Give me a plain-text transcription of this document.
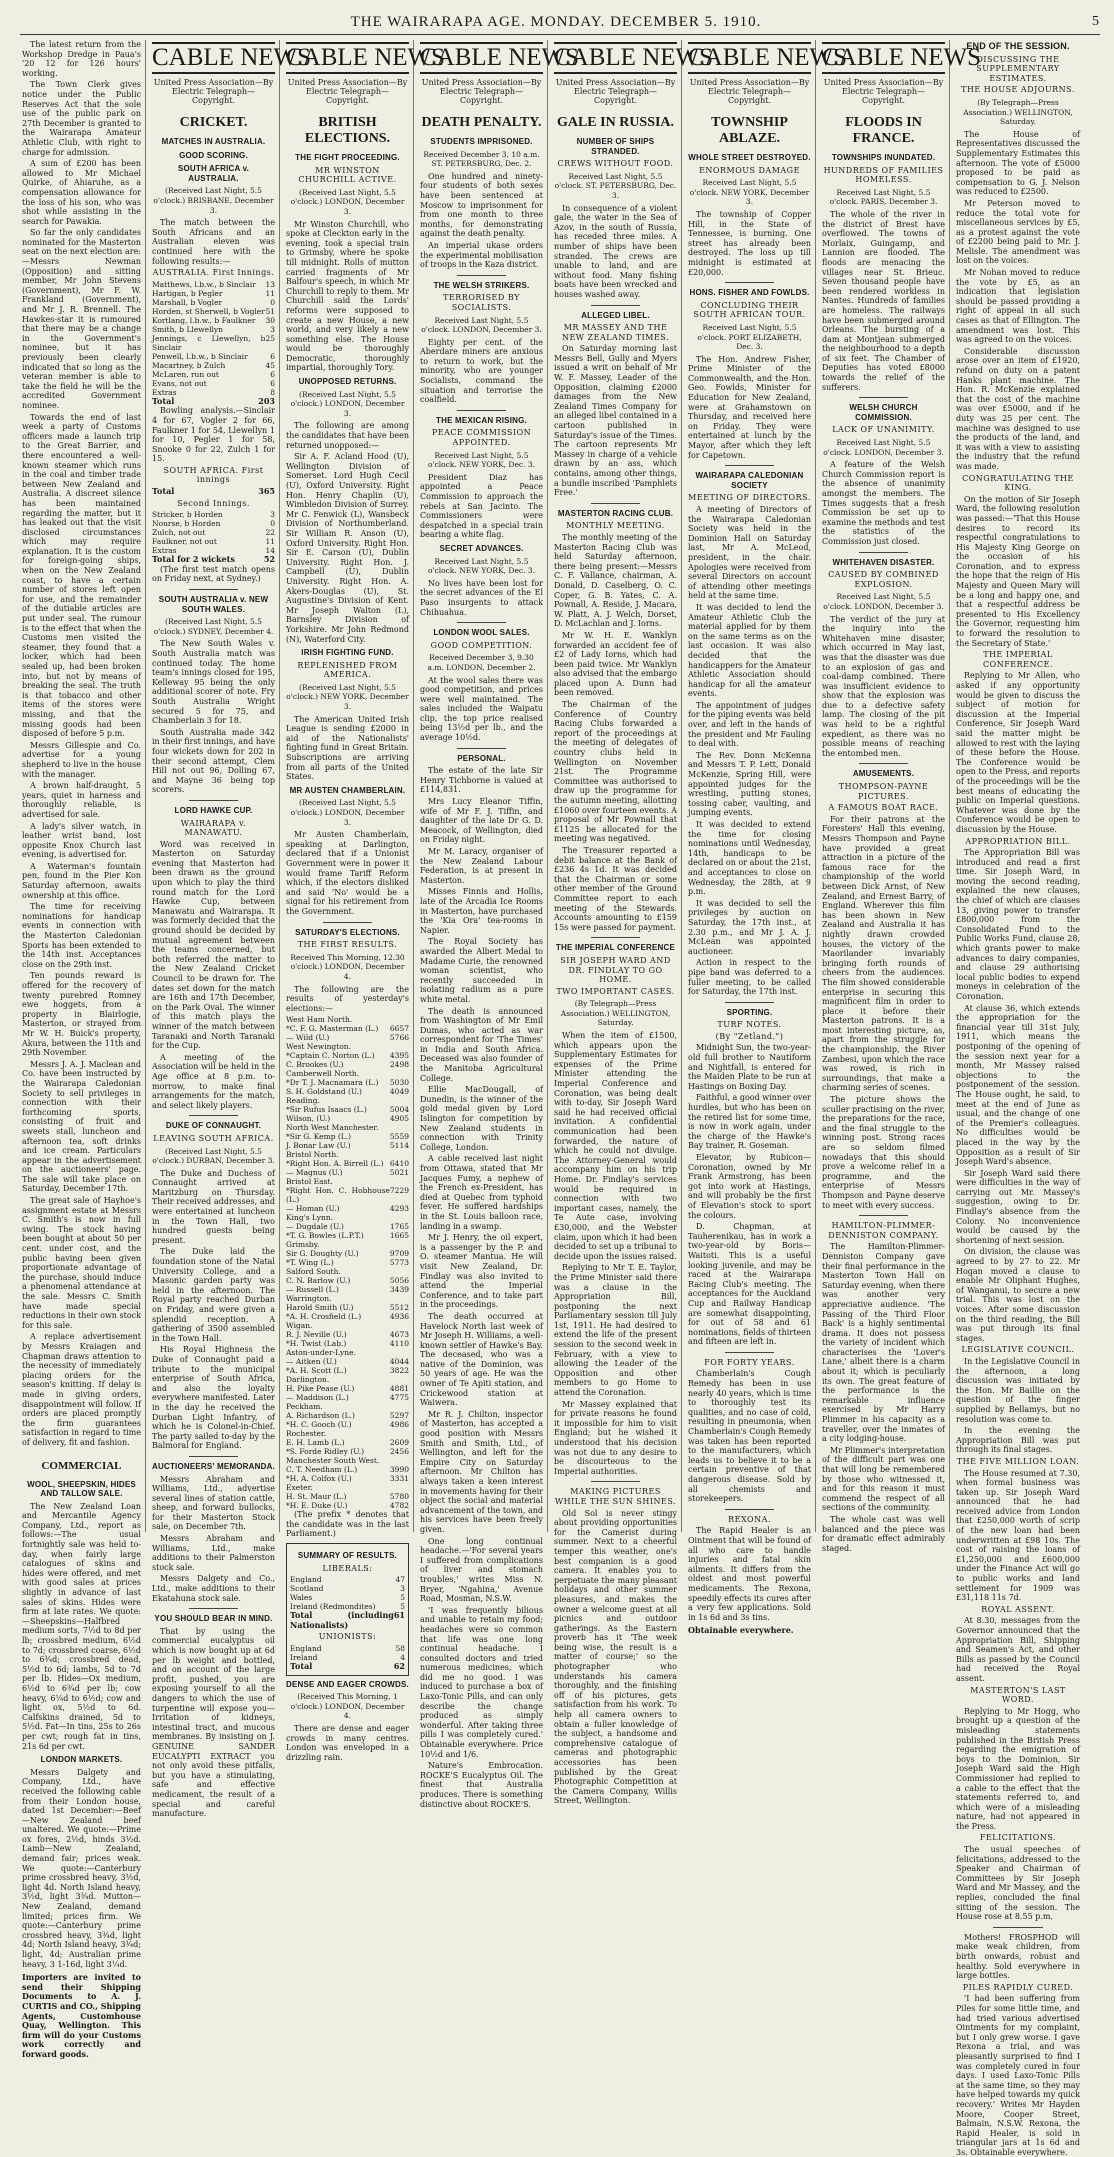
THE WAIRARAPA AGE. MONDAY. DECEMBER 5. 1910.	5

The latest return from the Workshop Dredge in Paua's '20 12 for 126 hours' working.

The Town Clerk gives notice under the Public Reserves Act that the sole use of the public park on 27th December is granted to the Wairarapa Amateur Athletic Club, with right to charge for admission.

A sum of £200 has been allowed to Mr Michael Quirke, of Ahiaruhe, as a compensation allowance for the loss of his son, who was shot while assisting in the search for Pawakia.

So far the only candidates nominated for the Masterton seat on the next election are:—Messrs Newman (Opposition) and sitting member, Mr John Stevens (Government), Mr F. W. Frankland (Government), and Mr J. R. Brennell. The Hawkes-star it is rumoured that there may be a change in the Government's nominee, but it has previously been clearly indicated that so long as the veteran member is able to take the field he will be the accredited Government nominee.

Towards the end of last week a party of Customs officers made a launch trip to the Great Barrier, and there encountered a well-known steamer which runs in the coal and timber trade between New Zealand and Australia. A discreet silence has been maintained regarding the matter, but it has leaked out that the visit disclosed circumstances which may require explanation. It is the custom for foreign-going ships, when on the New Zealand coast, to have a certain number of stores left open for use, and the remainder of the dutiable articles are put under seal. The rumour is to the effect that when the Customs men visited the steamer, they found that a locker, which had been sealed up, had been broken into, but not by means of breaking the seal. The truth is that tobacco and other items of the stores were missing, and that the missing goods had been disposed of before 5 p.m.

Messrs Gillespie and Co. advertise for a young shepherd to live in the house with the manager.

A brown half-draught, 5 years, quiet in harness and thoroughly reliable, is advertised for sale.

A lady's silver watch, in leather wrist band, lost opposite Knox Church last evening, is advertised for.

A Waterman's fountain pen, found in the Pier Kon Saturday afternoon, awaits ownership at this office.

The time for receiving nominations for handicap events in connection with the Masterton Caledonian Sports has been extended to the 14th inst. Acceptances close on the 29th inst.

Ten pounds reward is offered for the recovery of twenty purebred Romney ewe hoggets, from a property in Blairlogie, Masterton, or strayed from Mr W. H. Buick's property, Akura, between the 11th and 29th November.

Messrs J. A. J. Maclean and Co. have been instructed by the Wairarapa Caledonian Society to sell privileges in connection with their forthcoming sports, consisting of fruit and sweets stall, luncheon and afternoon tea, soft drinks and ice cream. Particulars appear in the advertisement on the auctioneers' page. The sale will take place on Saturday, December 17th.

The great sale of Hayhoe's assignment estate at Messrs C. Smith's is now in full swing. The stock having been bought at about 50 per cent. under cost, and the public having been given proportionate advantage of the purchase, should induce a phenomenal attendance at the sale. Messrs C. Smith have made special reductions in their own stock for this sale.

A replace advertisement by Messrs Kraiagen and Chapman draws attention to the necessity of immediately placing orders for the season's knitting. If delay is made in giving orders, disappointment will follow. If orders are placed promptly the firm guarantees satisfaction in regard to time of delivery, fit and fashion.

COMMERCIAL
WOOL, SHEEPSKIN, HIDES AND TALLOW SALE.

The New Zealand Loan and Mercantile Agency Company, Ltd., report as follows:—The usual fortnightly sale was held to-day, when fairly large catalogues of skins and hides were offered, and met with good sales at prices slightly in advance of last sales of skins. Hides were firm at late rates. We quote:—Sheepskins—Halfbred medium sorts, 7½d to 8d per lb; crossbred medium, 6½d to 7d; crossbred coarse, 6½d to 6¾d; crossbred dead, 5½d to 6d; lambs, 5d to 7d per lb. Hides—Ox medium, 6½d to 6¾d per lb; cow heavy, 6¼d to 6½d; cow and light ox, 5½d to 6d. Calfskins drained, 5d to 5½d. Fat—In tins, 25s to 26s per cwt; rough fat in tins, 21s 6d per cwt.

LONDON MARKETS.

Messrs Dalgety and Company, Ltd., have received the following cable from their London house, dated 1st December:—Beef—New Zealand beef unaltered. We quote:—Prime ox fores, 2½d, hinds 3½d. Lamb—New Zealand, demand fair; prices weak. We quote:—Canterbury prime crossbred heavy, 3½d, light 4d. North Island heavy, 3½d, light 3¾d. Mutton—New Zealand, demand limited; prices firm. We quote:—Canterbury prime crossbred heavy, 3¾d, light 4d; North Island heavy, 3¾d; light, 4d; Australian prime heavy, 3 1-16d, light 3¼d.

Importers are invited to send their Shipping Documents to A. J. CURTIS and CO., Shipping Agents, Customhouse Quay, Wellington. This firm will do your Customs work correctly and forward goods.
CABLE NEWS
United Press Association—By Electric Telegraph—Copyright.
CRICKET.
MATCHES IN AUSTRALIA.
GOOD SCORING.
SOUTH AFRICA v. AUSTRALIA.
(Received Last Night, 5.5 o'clock.) BRISBANE, December 3.

The match between the South Africans and an Australian eleven was continued here with the following results:—

AUSTRALIA. First Innings.
Matthews, l.b.w., b Sinclair 13
Hartigan, b Pegler	11
Marshall, b Vogler	0
Horden, st Sherwell, b Vogler 51
Kortlang, l.b.w., b Faulkner 30
Smith, b Llewellyn	3
Jennings, c Llewellyn, b Sinclair
25
Penwell, l.b.w., b Sinclair	6
Macartney, b Zulch	45
McLaren, run out	6
Evans, not out	6
Extras	8
Total	203

Bowling analysis.—Sinclair 4 for 67, Vogler 2 for 66, Faulkner 1 for 54, Llewellyn 1 for 10, Pegler 1 for 58, Snooke 0 for 22, Zulch 1 for 15.

SOUTH AFRICA. First innings
Total	365
Second Innings.
Stricker, b Horden	3
Nourse, b Horden	0
Zulch, not out	22
Faulkner, not out	11
Extras	14
Total for 2 wickets	52

(The first test match opens on Friday next, at Sydney.)

SOUTH AUSTRALIA v. NEW SOUTH WALES.
(Received Last Night, 5.5 o'clock.) SYDNEY, December 4.

The New South Wales v. South Australia match was continued today. The home team's innings closed for 195, Kelleway 95 being the only additional scorer of note. Fry South Australia Wright secured 5 for 75, and Chamberlain 3 for 18.

South Australia made 342 in their first innings, and have four wickets down for 202 in their second attempt, Clem Hill not out 96, Dolling 67, and Mayne 36 being top scorers.

LORD HAWKE CUP.
WAIRARAPA v. MANAWATU.

Word was received in Masterton on Saturday evening that Masterton had been drawn as the ground upon which to play the third round match for the Lord Hawke Cup, between Manawatu and Wairarapa. It was formerly decided that the ground should be decided by mutual agreement between the teams concerned, but both referred the matter to the New Zealand Cricket Council to be drawn for. The dates set down for the match are 16th and 17th December, on the Park Oval. The winner of this match plays the winner of the match between Taranaki and North Taranaki for the Cup.

A meeting of the Association will be held in the Age office at 8 p.m. to-morrow, to make final arrangements for the match, and select likely players.

DUKE OF CONNAUGHT.
LEAVING SOUTH AFRICA.
(Received Last Night, 5.5 o'clock.) DURBAN, December 3.

The Duke and Duchess of Connaught arrived at Maritzburg on Thursday. Their received addresses, and were entertained at luncheon in the Town Hall, two hundred guests being present.

The Duke laid the foundation stone of the Natal University College, and a Masonic garden party was held in the afternoon. The Royal party reached Durban on Friday, and were given a splendid reception. A gathering of 3500 assembled in the Town Hall.

His Royal Highness the Duke of Connaught paid a tribute to the municipal enterprise of South Africa, and also the loyalty everywhere manifested. Later in the day he received the Durban Light Infantry, of which he is Colonel-in-Chief. The party sailed to-day by the Balmoral for England.

AUCTIONEERS' MEMORANDA.

Messrs Abraham and Williams, Ltd., advertise several lines of station cattle, sheep, and forward bullocks, for their Masterton Stock sale, on December 7th.

Messrs Abraham and Williams, Ltd., make additions to their Palmerston stock sale.

Messrs Dalgety and Co., Ltd., make additions to their Ekatahuna stock sale.

YOU SHOULD BEAR IN MIND.

That by using the commercial eucalyptus oil which is now bought up at 6d per lb weight and bottled, and on account of the large profit, pushed, you are exposing yourself to all the dangers to which the use of turpentine will expose you—Irritation of kidneys, intestinal tract, and mucous membranes. By insisting on J. GENUINE SANDER EUCALYPTI EXTRACT you not only avoid these pitfalls, but you have a stimulating, safe and effective medicament, the result of a special and careful manufacture.

CABLE NEWS
United Press Association—By Electric Telegraph—Copyright.
BRITISH ELECTIONS.
THE FIGHT PROCEEDING.
MR WINSTON CHURCHILL ACTIVE.
(Received Last Night, 5.5 o'clock.) LONDON, December 3.

Mr Winston Churchill, who spoke at Cleckton early in the evening, took a special train to Grimsby, where he spoke till midnight. Rolls of mutton carried fragments of Mr Balfour's speech, in which Mr Churchill to reply to them. Mr Churchill said the Lords' reforms were supposed to create a new House, a new world, and very likely a new something else. The House would be thoroughly Democratic, thoroughly impartial, thoroughly Tory.

UNOPPOSED RETURNS.
(Received Last Night, 5.5 o'clock.) LONDON, December 3.

The following are among the candidates that have been returned unopposed:—

Sir A. F. Acland Hood (U), Wellington Division of Somerset. Lord Hugh Cecil (U), Oxford University. Right Hon. Henry Chaplin (U), Wimbledon Division of Surrey. Mr C. Fenwick (L), Wansbeck Division of Northumberland. Sir William R. Anson (U), Oxford University. Right Hon. Sir E. Carson (U), Dublin University. Right Hon. J. Campbell (U), Dublin University. Right Hon. A. Akers-Douglas (U), St. Augustine's Division of Kent. Mr Joseph Walton (L), Barnsley Division of Yorkshire. Mr John Redmond (N), Waterford City.

IRISH FIGHTING FUND.
REPLENISHED FROM AMERICA.
(Received Last Night, 5.5 o'clock.) NEW YORK, December 3.

The American United Irish League is sending £2000 in aid of the Nationalists' fighting fund in Great Britain. Subscriptions are arriving from all parts of the United States.

MR AUSTEN CHAMBERLAIN.
(Received Last Night, 5.5 o'clock.) LONDON, December 3.

Mr Austen Chamberlain, speaking at Darlington, declared that if a Unionist Government were in power it would frame Tariff Reform which, if the electors disliked and said 'No' would be a signal for his retirement from the Government.

SATURDAY'S ELECTIONS.
THE FIRST RESULTS.
Received This Morning, 12.30 o'clock.) LONDON, December 4.

The following are the results of yesterday's elections:—

West Ham North.
*C. F. G. Masterman (L.) 6657
— Wild (U.)	5766
West Newington.
*Captain C. Norton (L.) 4395
C. Brookes (U.)	2498
Camberwell North.
*Dr T. J. Macnamara (L.) 5030
S. H. Goldstand (U.)	4049
Reading.
*Sir Rufus Isaacs (L.)	5004
Wilson, (U.)	4905
North West Manchester.
*Sir G. Kemp (L.)	5559
J. Bonar Law (U.)	5114
Bristol North.
*Right Hon. A. Birrell (L.) 6410
— Magnus (U.)	5021
Bristol East.
*Right Hon. C. Hobhouse (L.)
7229
— Homan (U.)	4293
King's Lynn.
— Dugdale (U.)	1765
*T. G. Bowles (L.P.T.)	1665
Grimsby.
Sir G. Doughty (U.)	9709
*T. Wing (L.)	5773
Salford South.
C. N. Barlow (U.)	5056
— Russell (L.)	3439
Warrington.
Harold Smith (U.)	5512
*A. H. Crosfield (L.)	4936
Wigan.
R. J. Neville (U.)	4673
*H. Twist (Lab.)	4110
Aston-under-Lyne.
— Aitken (U.)	4044
*A. H. Scott (L.)	3822
Darlington.
H. Pike Pease (U.)	4881
— Maddison (L.)	4775
Peckham.
A. Richardson (L.)	5297
*H. C. Gooch (U.)	4986
Rochester.
E. H. Lamb (L.)	2609
*S. Forde Ridley (U.)	2456
Manchester South West.
C. T. Needham (L.)	3990
*H. A. Colfox (U.)	3331
Exeter.
H. St. Maur (L.)	5780
*H. E. Duke (U.)	4782

(The prefix * denotes that the candidate was in the last Parliament.)

SUMMARY OF RESULTS.
LIBERALS:
England	47
Scotland	3
Wales	5
Ireland (Redmondites)	5
Total (including Nationalists)
61
UNIONISTS:
England	58
Ireland	4
Total	62
DENSE AND EAGER CROWDS.
(Received This Morning, 1 o'clock.) LONDON, December 4.

There are dense and eager crowds in many centres. London was enveloped in a drizzling rain.

CABLE NEWS
United Press Association—By Electric Telegraph—Copyright.
DEATH PENALTY.
STUDENTS IMPRISONED.
Received December 3, 10 a.m. ST. PETERSBURG, Dec. 2.

One hundred and ninety-four students of both sexes have been sentenced at Moscow to imprisonment for from one month to three months, for demonstrating against the death penalty.

An imperial ukase orders the experimental mobilisation of troops in the Kaza district.

THE WELSH STRIKERS.
TERRORISED BY SOCIALISTS.
Received Last Night, 5.5 o'clock. LONDON, December 3.

Eighty per cent. of the Aberdare miners are anxious to return to work, but the minority, who are younger Socialists, command the situation and terrorise the coalfield.

THE MEXICAN RISING.
PEACE COMMISSION APPOINTED.
Received Last Night, 5.5 o'clock. NEW YORK, Dec. 3.

President Diaz has appointed a Peace Commission to approach the rebels at San Jacinto. The Commissioners were despatched in a special train bearing a white flag.

SECRET ADVANCES.
Received Last Night, 5.5 o'clock. NEW YORK, Dec. 3.

No lives have been lost for the secret advances of the El Paso insurgents to attack Chihuahua.

LONDON WOOL SALES.
GOOD COMPETITION.
Received December 3, 9.30 a.m. LONDON, December 2.

At the wool sales there was good competition, and prices were well maintained. The sales included the Waipatu clip, the top price realised being 13½d per lb., and the average 10½d.

PERSONAL.

The estate of the late Sir Henry Tichborne is valued at £114,831.

Mrs Lucy Eleanor Tiffin, wife of Mr F. J. Tiffin, and daughter of the late Dr G. D. Meacock, of Wellington, died on Friday night.

Mr M. Laracy, organiser of the New Zealand Labour Federation, is at present in Masterton.

Misses Finnis and Hollis, late of the Arcadia Ice Rooms in Masterton, have purchased the 'Kia Ora' tea-rooms in Napier.

The Royal Society has awarded the Albert Medal to Madame Curie, the renowned woman scientist, who recently succeeded in isolating radium as a pure white metal.

The death is announced from Washington of Mr Emil Dumas, who acted as war correspondent for 'The Times' in India and South Africa. Deceased was also founder of the Manitoba Agricultural College.

Ellie MacDougall, of Dunedin, is the winner of the gold medal given by Lord Islington for competition by New Zealand students in connection with Trinity College, London.

A cable received last night from Ottawa, stated that Mr Jacques Fumy, a nephew of the French ex-President, has died at Quebec from typhoid fever. He suffered hardships in the St. Louis balloon race, landing in a swamp.

Mr J. Henry, the oil expert, is a passenger by the P. and O. steamer Mantua. He will visit New Zealand, Dr. Findlay was also invited to attend the Imperial Conference, and to take part in the proceedings.

The death occurred at Havelock North last week of Mr Joseph H. Williams, a well-known settler of Hawke's Bay. The deceased, who was a native of the Dominion, was 50 years of age. He was the owner of Te Apiti station, and Crickewood station at Waiwera.

Mr R. J. Chilton, inspector of Masterton, has accepted a good position with Messrs Smith and Smith, Ltd., of Wellington, and left for the Empire City on Saturday afternoon. Mr Chilton has always taken a keen interest in movements having for their object the social and material advancement of the town, and his services have been freely given.

One long continual headache.—'For several years I suffered from complications of liver and stomach troubles,' writes Miss N. Bryer, 'Ngahina,' Avenue Road, Mosman, N.S.W.

'I was frequently bilious and unable to retain my food; headaches were so common that life was one long continual headache. I consulted doctors and tried numerous medicines, which did me no good. I was induced to purchase a box of Laxo-Tonic Pills, and can only describe the change produced as simply wonderful. After taking three pills I was completely cured.' Obtainable everywhere. Price 10½d and 1/6.

Nature's Embrocation. ROCKE'S Eucalyptus Oil. The finest that Australia produces. There is something distinctive about ROCKE'S.

CABLE NEWS
United Press Association—By Electric Telegraph—Copyright.
GALE IN RUSSIA.
NUMBER OF SHIPS STRANDED.
CREWS WITHOUT FOOD.
Received Last Night, 5.5 o'clock. ST. PETERSBURG, Dec. 3.

In consequence of a violent gale, the water in the Sea of Azov, in the south of Russia, has receded three miles. A number of ships have been stranded. The crews are unable to land, and are without food. Many fishing boats have been wrecked and houses washed away.

ALLEGED LIBEL.
MR MASSEY AND THE NEW ZEALAND TIMES.

On Saturday morning last Messrs Bell, Gully and Myers issued a writ on behalf of Mr W. F. Massey, Leader of the Opposition, claiming £2000 damages from the New Zealand Times Company for an alleged libel contained in a cartoon published in Saturday's issue of the Times. The cartoon represents Mr Massey in charge of a vehicle drawn by an ass, which contains, among other things, a bundle inscribed 'Pamphlets Free.'

MASTERTON RACING CLUB.
MONTHLY MEETING.

The monthly meeting of the Masterton Racing Club was held Saturday afternoon, there being present:—Messrs C. F. Vallance, chairman, A. Donald, D. Caselberg, O. C. Coper, G. B. Yates, C. A. Pownall, A. Reside, J. Macara, W. Platt, A. J. Welch, Dorset, D. McLachlan and J. Iorns.

Mr W. H. E. Wanklyn forwarded an accident fee of £2 of Lady Iorns, which had been paid twice. Mr Wanklyn also advised that the embargo placed upon A. Dunn had been removed.

The Chairman of the Conference of Country Racing Clubs forwarded a report of the proceedings at the meeting of delegates of country clubs held in Wellington on November 21st. The Programme Committee was authorised to draw up the programme for the autumn meeting, allotting £1060 over fourteen events. A proposal of Mr Pownall that £1125 be allocated for the meeting was negatived.

The Treasurer reported a debit balance at the Bank of £236 4s 1d. It was decided that the Chairman or some other member of the Ground Committee report to each meeting of the Stewards. Accounts amounting to £159 15s were passed for payment.

THE IMPERIAL CONFERENCE
SIR JOSEPH WARD AND DR. FINDLAY TO GO HOME.
TWO IMPORTANT CASES.
(By Telegraph—Press Association.) WELLINGTON, Saturday.

When the item of £1500, which appears upon the Supplementary Estimates for expenses of the Prime Minister attending the Imperial Conference and Coronation, was being dealt with to-day, Sir Joseph Ward said he had received official invitation. A confidential communication had been forwarded, the nature of which he could not divulge. The Attorney-General would accompany him on his trip Home. Dr. Findlay's services would be required in connection with two important cases, namely, the Te Aute case, involving £30,000, and the Webster claim, upon which it had been decided to set up a tribunal to decide upon the issues raised.

Replying to Mr T. E. Taylor, the Prime Minister said there was a clause in the Appropriation Bill, postponing the next Parliamentary session till July 1st, 1911. He had desired to extend the life of the present session to the second week in February, with a view to allowing the Leader of the Opposition and other members to go Home to attend the Coronation.

Mr Massey explained that for private reasons he found it impossible for him to visit England; but he wished it understood that his decision was not due to any desire to be discourteous to the Imperial authorities.

MAKING PICTURES WHILE THE SUN SHINES.

Old Sol is never stingy about providing opportunities for the Camerist during summer. Next to a cheerful temper this weather, one's best companion is a good camera. It enables you to perpetuate the many pleasant holidays and other summer pleasures, and makes the owner a welcome guest at all picnics and outdoor gatherings. As the Eastern proverb has it 'The week being wise, the result is a matter of course;' so the photographer who understands his camera thoroughly, and the finishing off of his pictures, gets satisfaction from his work. To help all camera owners to obtain a fuller knowledge of the subject, a handsome and comprehensive catalogue of cameras and photographic accessories has been published by the Great Photographic Competition at the Camera Company, Willis Street, Wellington.

CABLE NEWS
United Press Association—By Electric Telegraph—Copyright.
TOWNSHIP ABLAZE.
WHOLE STREET DESTROYED.
ENORMOUS DAMAGE
Received Last Night, 5.5 o'clock. NEW YORK, December 3.

The township of Copper Hill, in the State of Tennessee, is burning. One street has already been destroyed. The loss up till midnight is estimated at £20,000.

HONS. FISHER AND FOWLDS.
CONCLUDING THEIR SOUTH AFRICAN TOUR.
Received Last Night, 5.5 o'clock. PORT ELIZABETH, Dec. 3.

The Hon. Andrew Fisher, Prime Minister of the Commonwealth, and the Hon. Geo. Fowlds, Minister for Education for New Zealand, were at Grahamstown on Thursday, and received here on Friday. They were entertained at lunch by the Mayor, after which they left for Capetown.

WAIRARAPA CALEDONIAN SOCIETY
MEETING OF DIRECTORS.

A meeting of Directors of the Wairarapa Caledonian Society was held in the Dominion Hall on Saturday last, Mr A. McLeod, president, in the chair. Apologies were received from several Directors on account of attending other meetings held at the same time.

It was decided to lend the Amateur Athletic Club the material applied for by them on the same terms as on the last occasion. It was also decided that the handicappers for the Amateur Athletic Association should handicap for all the amateur events.

The appointment of judges for the piping events was held over, and left in the hands of the president and Mr Fauling to deal with.

The Rev. Donn McKenna and Messrs T. P. Lett, Donald McKenzie, Spring Hill, were appointed judges for the wrestling, putting stones, tossing caber, vaulting, and jumping events.

It was decided to extend the time for closing nominations until Wednesday, 14th, handicaps to be declared on or about the 21st, and acceptances to close on Wednesday, the 28th, at 9 p.m.

It was decided to sell the privileges by auction on Saturday, the 17th inst., at 2.30 p.m., and Mr J. A. J. McLean was appointed auctioneer.

Action in respect to the pipe band was deferred to a fuller meeting, to be called for Saturday, the 17th inst.

SPORTING.
TURF NOTES.
(By "Zetland.")

Midnight Sun, the two-year-old full brother to Nautiform and Nightfall, is entered for the Maiden Plate to be run at Hastings on Boxing Day.

Faithful, a good winner over hurdles, but who has been on the retired list for some time, is now in work again, under the charge of the Hawke's Bay trainer, R. Goseman.

Elevator, by Rubicon—Coronation, owned by Mr Frank Armstrong, has been got into work at Hastings, and will probably be the first of Elevation's stock to sport the colours.

D. Chapman, at Tauherenikau, has in work a two-year-old by Boris—Waitoti. This is a useful looking juvenile, and may be raced at the Wairarapa Racing Club's meeting. The acceptances for the Auckland Cup and Railway Handicap are somewhat disappointing, for out of 58 and 61 nominations, fields of thirteen and fifteen are left in.

FOR FORTY YEARS.

Chamberlain's Cough Remedy has been in use nearly 40 years, which is time to thoroughly test its qualities, and no case of cold, resulting in pneumonia, when Chamberlain's Cough Remedy was taken has been reported to the manufacturers, which leads us to believe it to be a certain preventive of that dangerous disease. Sold by all chemists and storekeepers.

REXONA.

The Rapid Healer is an Ointment that will be found of all who care to handle injuries and fatal skin ailments. It differs from the oldest and most powerful medicaments. The Rexona, speedily effects its cures after a very few applications. Sold in 1s 6d and 3s tins.

Obtainable everywhere.
CABLE NEWS
United Press Association—By Electric Telegraph—Copyright.
FLOODS IN FRANCE.
TOWNSHIPS INUNDATED.
HUNDREDS OF FAMILIES HOMELESS.
Received Last Night, 5.5 o'clock. PARIS, December 3.

The whole of the river in the district of Brest have overflowed. The towns of Morlaix, Guingamp, and Lannion are flooded. The floods are menacing the villages near St. Brieuc. Seven thousand people have been rendered workless in Nantes. Hundreds of families are homeless. The railways have been submerged around Orleans. The bursting of a dam at Montjean submerged the neighbourhood to a depth of six feet. The Chamber of Deputies has voted £8000 towards the relief of the sufferers.

WELSH CHURCH COMMISSION.
LACK OF UNANIMITY.
Received Last Night, 5.5 o'clock. LONDON, December 3.

A feature of the Welsh Church Commission report is the absence of unanimity amongst the members. The Times suggests that a fresh Commission be set up to examine the methods and test the statistics of the Commission just closed.

WHITEHAVEN DISASTER.
CAUSED BY COMBINED EXPLOSION.
Received Last Night, 5.5 o'clock. LONDON, December 3.

The verdict of the jury at the inquiry into the Whitehaven mine disaster, which occurred in May last, was that the disaster was due to an explosion of gas and coal-damp combined. There was insufficient evidence to show that the explosion was due to a defective safety lamp. The closing of the pit was held to be a rightful expedient, as there was no possible means of reaching the entombed men.

AMUSEMENTS.
THOMPSON-PAYNE PICTURES.
A FAMOUS BOAT RACE.

For their patrons at the Foresters' Hall this evening, Messrs Thompson and Payne have provided a great attraction in a picture of the famous race for the championship of the world between Dick Arnst, of New Zealand, and Ernest Barry, of England. Wherever this film has been shown in New Zealand and Australia it has nightly drawn crowded houses, the victory of the Maorilander invariably bringing forth rounds of cheers from the audiences. The film showed considerable enterprise in securing this magnificent film in order to place it before their Masterton patrons. It is a most interesting picture, as, apart from the struggle for the championship, the River Zambesi, upon which the race was rowed, is rich in surroundings, that make a charming series of scenes.

The picture shows the sculler practising on the river, the preparations for the race, and the final struggle to the winning post. Strong races are so seldom filmed nowadays that this should prove a welcome relief in a programme, and the enterprise of Messrs Thompson and Payne deserve to meet with every success.

HAMILTON-PLIMMER-DENNISTON COMPANY.

The Hamilton-Plimmer-Denniston Company gave their final performance in the Masterton Town Hall on Saturday evening, when there was another very appreciative audience. 'The Passing of the Third Floor Back' is a highly sentimental drama. It does not possess the variety of incident which characterises the 'Lover's Lane,' albeit there is a charm about it; which is peculiarly its own. The great feature of the performance is the remarkable influence exercised by Mr Harry Plimmer in his capacity as a traveller, over the inmates of a city lodging-house.

Mr Plimmer's interpretation of the difficult part was one that will long be remembered by those who witnessed it, and for this reason it must commend the respect of all sections of the community.

The whole cast was well balanced and the piece was for dramatic effect admirably staged.

END OF THE SESSION.
DISCUSSING THE SUPPLEMENTARY ESTIMATES.
THE HOUSE ADJOURNS.
(By Telegraph—Press Association.) WELLINGTON, Saturday.

The House of Representatives discussed the Supplementary Estimates this afternoon. The vote of £5000 proposed to be paid as compensation to G. J. Nelson was reduced to £2500.

Mr Peterson moved to reduce the total vote for miscellaneous services by £5, as a protest against the vote of £2200 being paid to Mr. J. Melisle. The amendment was lost on the voices.

Mr Nohan moved to reduce the vote by £5, as an indication that legislation should be passed providing a right of appeal in all such cases as that of Ellington. The amendment was lost. This was agreed to on the voices.

Considerable discussion arose over an item of £1920, refund on duty on a patent Hanks plant machine. The Hon. R. McKenzie explained that the cost of the machine was over £5000, and if he duty was 25 per cent. The machine was designed to use the products of the land, and it was with a view to assisting the industry that the refund was made.

CONGRATULATING THE KING.

On the motion of Sir Joseph Ward, the following resolution was passed:—'That this House desires to record its respectful congratulations to His Majesty King George on the occasion of his Coronation, and to express the hope that the reign of His Majesty and Queen Mary will be a long and happy one, and that a respectful address be presented to His Excellency the Governor, requesting him to forward the resolution to the Secretary of State.'

THE IMPERIAL CONFERENCE.

Replying to Mr Allen, who asked if any opportunity would be given to discuss the subject of motion for discussion at the Imperial Conference, Sir Joseph Ward said the matter might be allowed to rest with the laying of these before the House. The Conference would be open to the Press, and reports of the proceedings will be the best means of educating the public on Imperial questions. Whatever was done by the Conference would be open to discussion by the House.

APPROPRIATION BILL.

The Appropriation Bill was introduced and read a first time. Sir Joseph Ward, in moving the second reading, explained the new clauses, the chief of which are clauses 13, giving power to transfer £800,000 from the Consolidated Fund to the Public Works Fund, clause 28, which grants power to make advances to dairy companies, and clause 29 authorising local public bodies to expend moneys in celebration of the Coronation.

At clause 36, which extends the appropriation for the financial year till 31st July, 1911, which means the postponing of the opening of the session next year for a month, Mr Massey raised objections to the postponement of the session. The House ought, he said, to meet at the end of June as usual, and the change of one of the Premier's colleagues. No difficulties would be placed in the way by the Opposition as a result of Sir Joseph Ward's absence.

Sir Joseph Ward said there were difficulties in the way of carrying out Mr. Massey's suggestion, owing to Dr. Findlay's absence from the Colony. No inconvenience would be caused by the shortening of next session.

On division, the clause was agreed to by 27 to 22. Mr Hogan moved a clause to enable Mr Oliphant Hughes, of Wanganui, to secure a new trial. This was lost on the voices. After some discussion on the third reading, the Bill was put through its final stages.

LEGISLATIVE COUNCIL.

In the Legislative Council in the afternoon, a long discussion was initiated by the Hon. Mr Baillie on the question of the finger supplied by Bellamys, but no resolution was come to.

In the evening the Appropriation Bill was put through its final stages.

THE FIVE MILLION LOAN.

The House resumed at 7.30, when formal business was taken up. Sir Joseph Ward announced that he had received advice from London that £250,000 worth of scrip of the new loan had been underwritten at £98 10s. The cost of raising the loans of £1,250,000 and £600,000 under the Finance Act will go to public works and land settlement for 1909 was £31,118 11s 7d.

ROYAL ASSENT.

At 8.30, messages from the Governor announced that the Appropriation Bill, Shipping and Seamen's Act, and other Bills as passed by the Council had received the Royal assent.

MASTERTON'S LAST WORD.

Replying to Mr Hogg, who brought up a question of the misleading statements published in the British Press regarding the emigration of boys to the Dominion, Sir Joseph Ward said the High Commissioner had replied to a cable to the effect that the statements referred to, and which were of a misleading nature, had not appeared in the Press.

FELICITATIONS.

The usual speeches of felicitations, addressed to the Speaker and Chairman of Committees by Sir Joseph Ward and Mr Massey, and the replies, concluded the final sitting of the session. The House rose at 8.55 p.m.

Mothers! FROSPHOD will make weak children, from birth onwards, robust and healthy. Sold everywhere in large bottles.

PILES RAPIDLY CURED.

'I had been suffering from Piles for some little time, and had tried various advertised Ointments for my complaint, but I only grew worse. I gave Rexona a trial, and was pleasantly surprised to find I was completely cured in four days. I used Laxo-Tonic Pills at the same time, so they may have helped towards my quick recovery.' Writes Mr Hayden Moore, Cooper Street, Balmain, N.S.W. Rexona, the Rapid Healer, is sold in triangular jars at 1s 6d and 3s. Obtainable everywhere.
